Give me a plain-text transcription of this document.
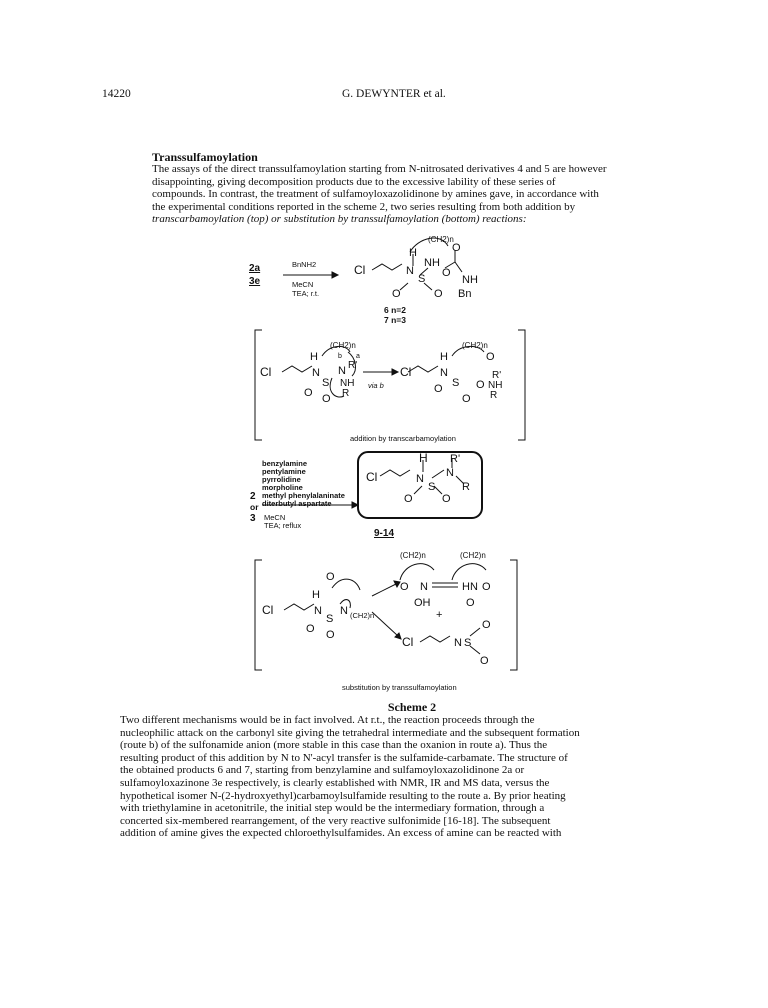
14220	G. DEWYNTER et al.
Transsulfamoylation
The assays of the direct transsulfamoylation starting from N-nitrosated derivatives 4 and 5 are however
disappointing, giving decomposition products due to the excessive lability of these series of
compounds. In contrast, the treatment of sulfamoyloxazolidinone by amines gave, in accordance with
the experimental conditions reported in the scheme 2, two series resulting from both addition by
transcarbamoylation (top) or substitution by transsulfamoylation (bottom) reactions:
2a
3e
BnNH2
MeCN
TEA; r.t.
Cl
H
N
S
NH
(CH2)n
O
O
NH
Bn
O	O
6 n=2
7 n=3
Cl
H
(CH2)n
N
S
N R'
b a
NH
R
O O
via b
Cl
H
(CH2)n
N
S
O
O
R'
NH
R
O
O
addition by transcarbamoylation
benzylamine
pentylamine
pyrrolidine
morpholine
methyl phenylalaninate
diterbutyl aspartate
2
or
3 MeCN
TEA; reflux
Cl
H
N
S
N
R'
R
O	O
9-14
Cl
H
N
S
N (CH2)n
O
O O
(CH2)n	(CH2)n
O N	HN O
OH	O
+
Cl	N S
O
O
substitution by transsulfamoylation
Scheme 2
Two different mechanisms would be in fact involved. At r.t., the reaction proceeds through the
nucleophilic attack on the carbonyl site giving the tetrahedral intermediate and the subsequent formation
(route b) of the sulfonamide anion (more stable in this case than the oxanion in route a). Thus the
resulting product of this addition by N to N'-acyl transfer is the sulfamide-carbamate. The structure of
the obtained products 6 and 7, starting from benzylamine and sulfamoyloxazolidinone 2a or
sulfamoyloxazinone 3e respectively, is clearly established with NMR, IR and MS data, versus the
hypothetical isomer N-(2-hydroxyethyl)carbamoylsulfamide resulting to the route a. By prior heating
with triethylamine in acetonitrile, the initial step would be the intermediary formation, through a
concerted six-membered rearrangement, of the very reactive sulfonimide [16-18]. The subsequent
addition of amine gives the expected chloroethylsulfamides. An excess of amine can be reacted with
